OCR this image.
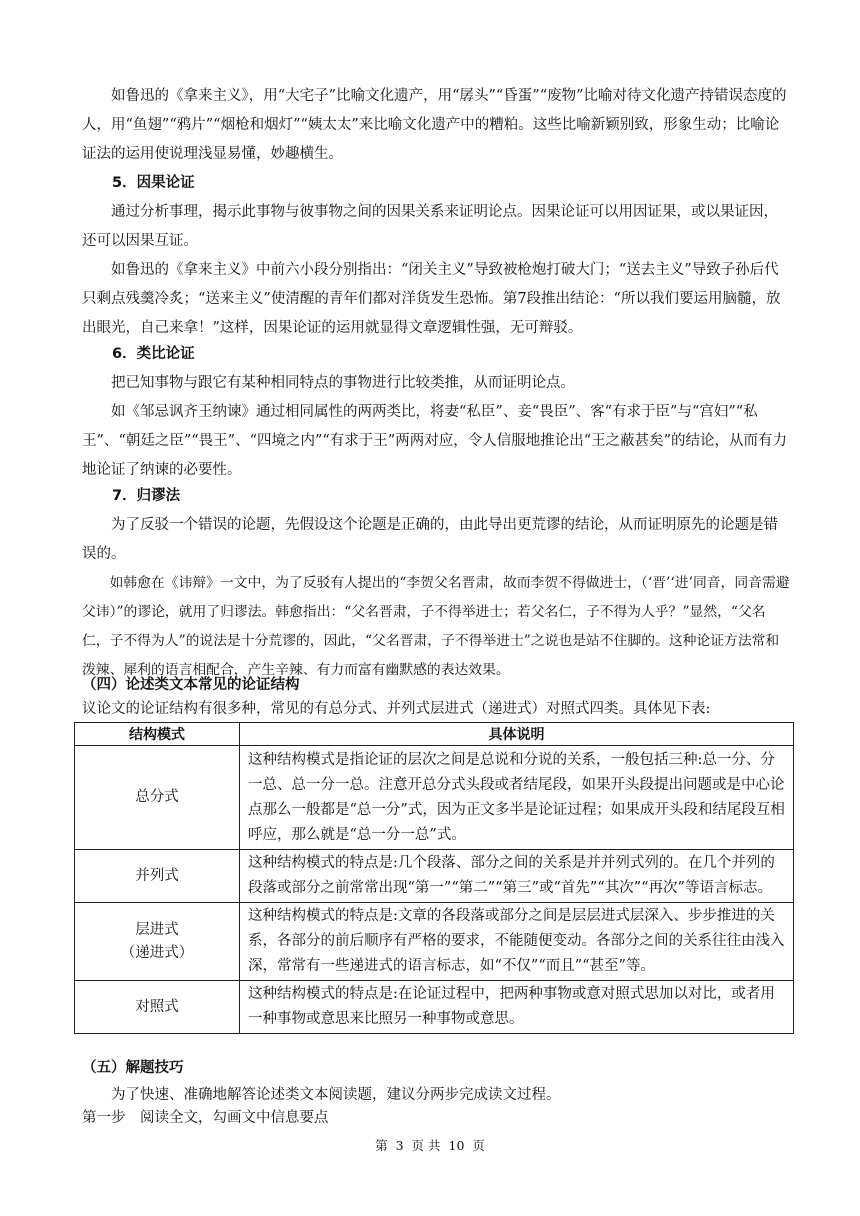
如鲁迅的《拿来主义》，用“大宅子”比喻文化遗产，用“孱头”“昏蛋”“废物”比喻对待文化遗产持错误态度的人，用“鱼翅”“鸦片”“烟枪和烟灯”“姨太太”来比喻文化遗产中的糟粕。这些比喻新颖别致，形象生动；比喻论证法的运用使说理浅显易懂，妙趣横生。

5．因果论证

通过分析事理，揭示此事物与彼事物之间的因果关系来证明论点。因果论证可以用因证果，或以果证因，还可以因果互证。

如鲁迅的《拿来主义》中前六小段分别指出：“闭关主义”导致被枪炮打破大门；“送去主义”导致子孙后代只剩点残羹冷炙；“送来主义”使清醒的青年们都对洋货发生恐怖。第7段推出结论：“所以我们要运用脑髓，放出眼光，自己来拿！”这样，因果论证的运用就显得文章逻辑性强，无可辩驳。

6．类比论证

把已知事物与跟它有某种相同特点的事物进行比较类推，从而证明论点。

如《邹忌讽齐王纳谏》通过相同属性的两两类比，将妻“私臣”、妾“畏臣”、客“有求于臣”与“宫妇”“私王”、“朝廷之臣”“畏王”、“四境之内”“有求于王”两两对应，令人信服地推论出“王之蔽甚矣”的结论，从而有力地论证了纳谏的必要性。

7．归谬法

为了反驳一个错误的论题，先假设这个论题是正确的，由此导出更荒谬的结论，从而证明原先的论题是错误的。

如韩愈在《讳辩》一文中，为了反驳有人提出的“李贺父名晋肃，故而李贺不得做进士，（‘晋’‘进’同音，同音需避父讳）”的谬论，就用了归谬法。韩愈指出：“父名晋肃，子不得举进士；若父名仁，子不得为人乎？”显然，“父名仁，子不得为人”的说法是十分荒谬的，因此，“父名晋肃，子不得举进士”之说也是站不住脚的。这种论证方法常和泼辣、犀利的语言相配合，产生辛辣、有力而富有幽默感的表达效果。

（四）论述类文本常见的论证结构

议论文的论证结构有很多种，常见的有总分式、并列式层进式（递进式）对照式四类。具体见下表:

结构模式	具体说明
总分式	这种结构模式是指论证的层次之间是总说和分说的关系，一般包括三种:总一分、分一总、总一分一总。注意开总分式头段或者结尾段，如果开头段提出问题或是中心论点那么一般都是“总一分”式，因为正文多半是论证过程；如果成开头段和结尾段互相呼应，那么就是“总一分一总”式。
并列式	这种结构模式的特点是:几个段落、部分之间的关系是并并列式列的。在几个并列的段落或部分之前常常出现“第一”“第二”“第三”或“首先”“其次”“再次”等语言标志。

层进式
（递进式）	这种结构模式的特点是:文章的各段落或部分之间是层层进式层深入、步步推进的关系，各部分的前后顺序有严格的要求，不能随便变动。各部分之间的关系往往由浅入深，常常有一些递进式的语言标志，如“不仅”“而且”“甚至”等。
对照式	这种结构模式的特点是:在论证过程中，把两种事物或意对照式思加以对比，或者用一种事物或意思来比照另一种事物或意思。

（五）解题技巧

为了快速、准确地解答论述类文本阅读题，建议分两步完成读文过程。

第一步　阅读全文，勾画文中信息要点

第 3 页 共 10 页
